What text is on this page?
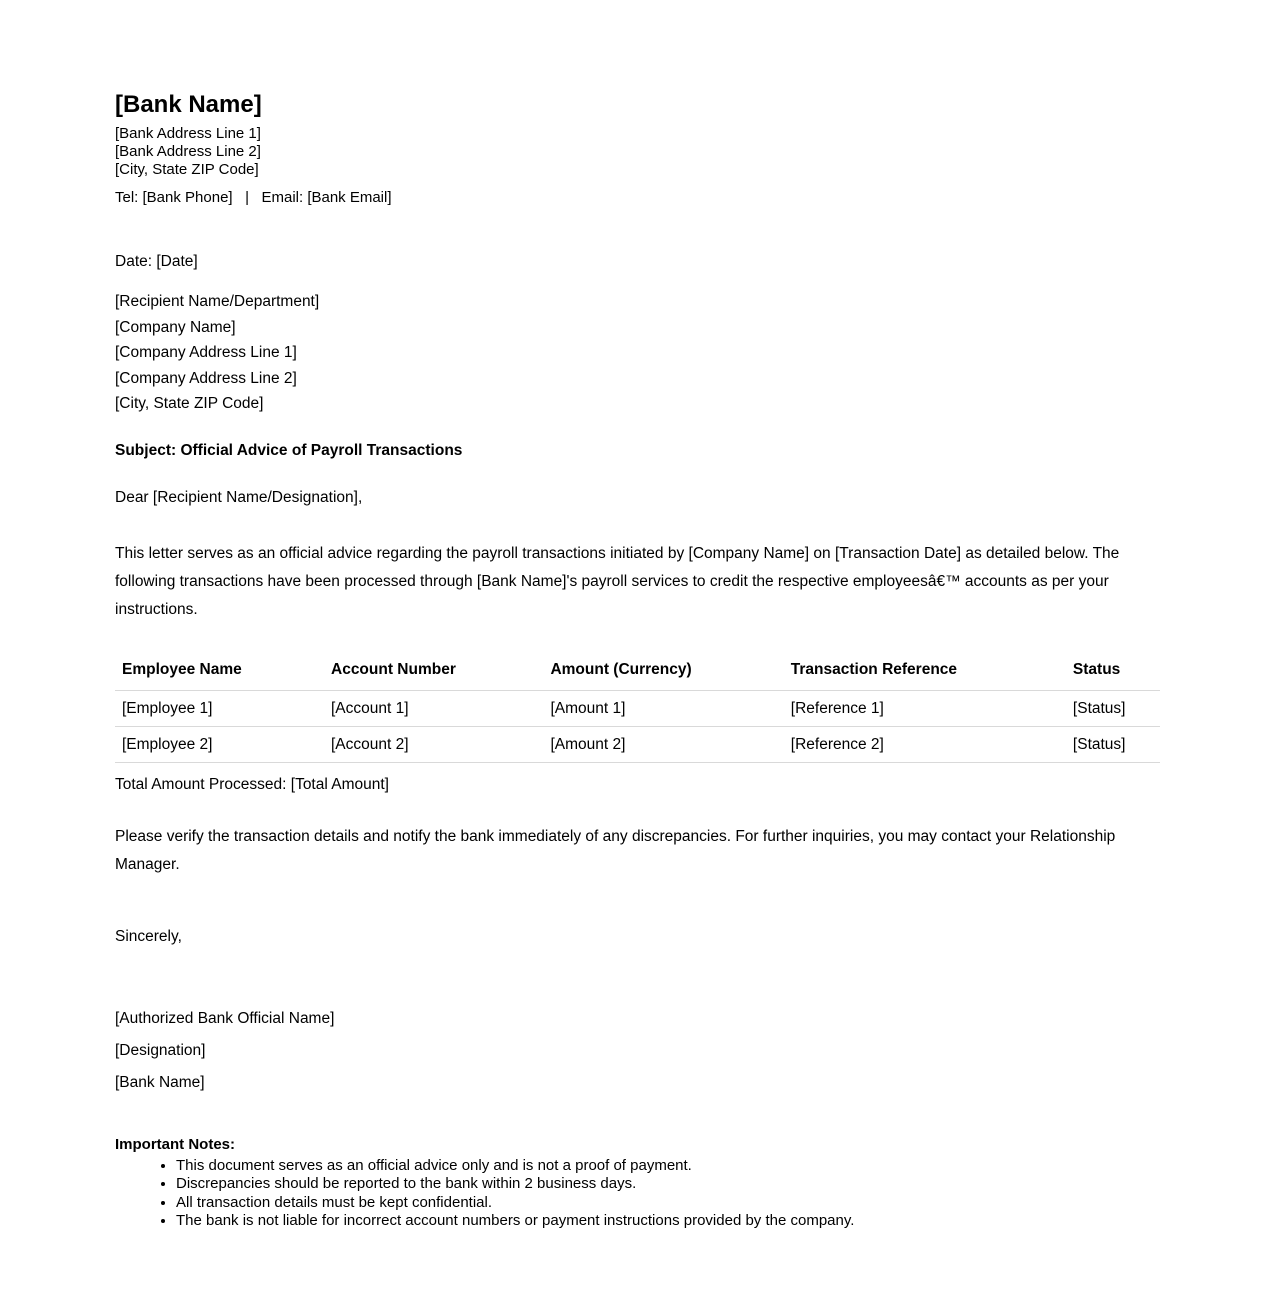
[Bank Name]
[Bank Address Line 1]
[Bank Address Line 2]
[City, State ZIP Code]
Tel: [Bank Phone]   |   Email: [Bank Email]

Date: [Date]

[Recipient Name/Department]
[Company Name]
[Company Address Line 1]
[Company Address Line 2]
[City, State ZIP Code]

Subject: Official Advice of Payroll Transactions

Dear [Recipient Name/Designation],

This letter serves as an official advice regarding the payroll transactions initiated by [Company Name] on [Transaction Date] as detailed below. The following transactions have been processed through [Bank Name]'s payroll services to credit the respective employeesâ€™ accounts as per your instructions.

Employee Name	Account Number	Amount (Currency)	Transaction Reference	Status
[Employee 1]	[Account 1]	[Amount 1]	[Reference 1]	[Status]
[Employee 2]	[Account 2]	[Amount 2]	[Reference 2]	[Status]

Total Amount Processed: [Total Amount]

Please verify the transaction details and notify the bank immediately of any discrepancies. For further inquiries, you may contact your Relationship Manager.

Sincerely,

[Authorized Bank Official Name]
[Designation]
[Bank Name]

Important Notes:

• This document serves as an official advice only and is not a proof of payment.
• Discrepancies should be reported to the bank within 2 business days.
• All transaction details must be kept confidential.
• The bank is not liable for incorrect account numbers or payment instructions provided by the company.
